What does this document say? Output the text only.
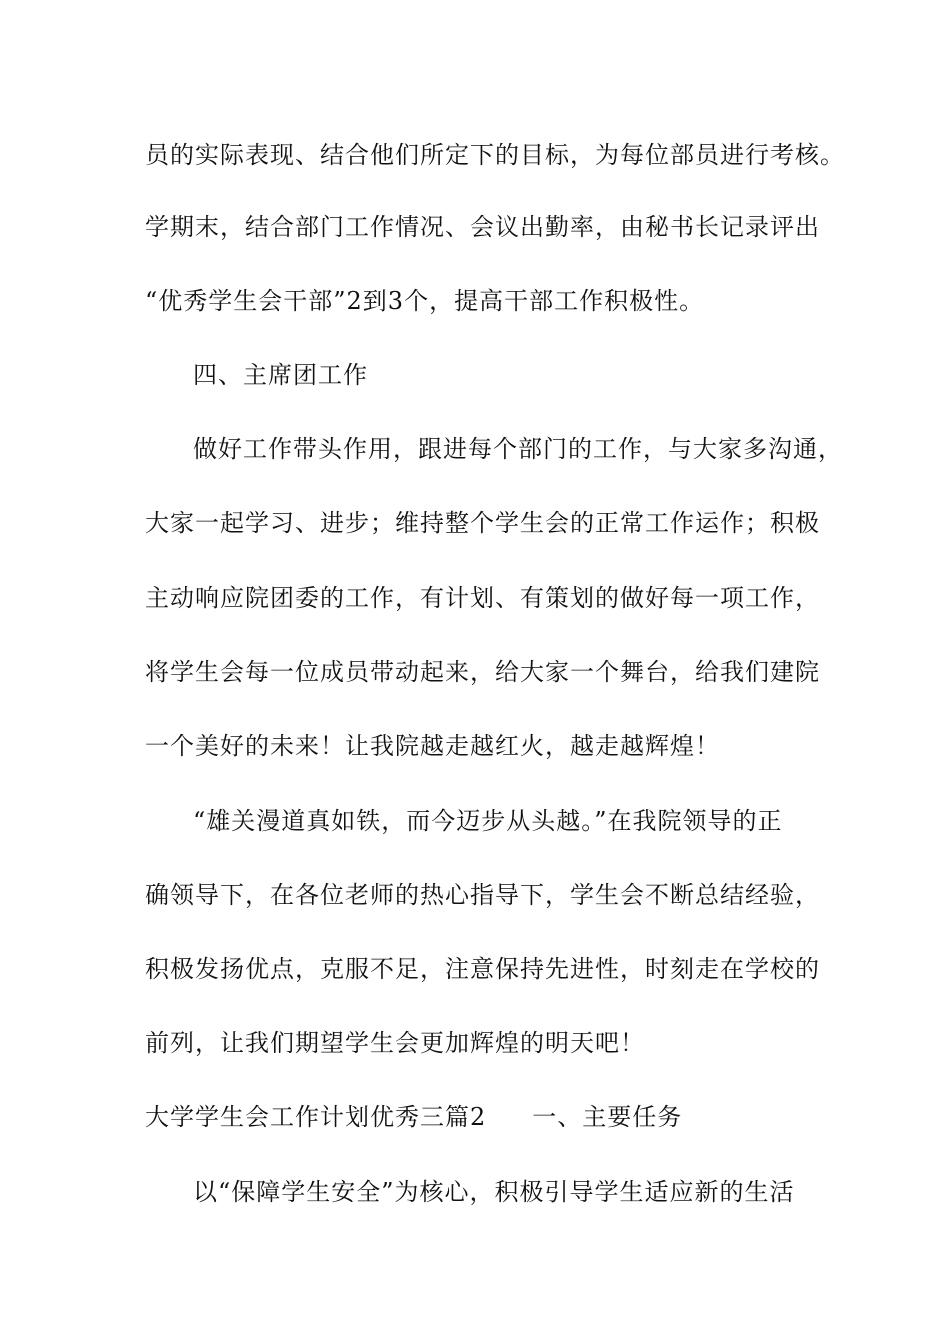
员的实际表现、结合他们所定下的目标，为每位部员进行考核。
学期末，结合部门工作情况、会议出勤率，由秘书长记录评出
“优秀学生会干部”2到3个，提高干部工作积极性。
四、主席团工作
做好工作带头作用，跟进每个部门的工作，与大家多沟通，
大家一起学习、进步；维持整个学生会的正常工作运作；积极
主动响应院团委的工作，有计划、有策划的做好每一项工作，
将学生会每一位成员带动起来，给大家一个舞台，给我们建院
一个美好的未来！让我院越走越红火，越走越辉煌！
“雄关漫道真如铁，而今迈步从头越。”在我院领导的正
确领导下，在各位老师的热心指导下，学生会不断总结经验，
积极发扬优点，克服不足，注意保持先进性，时刻走在学校的
前列，让我们期望学生会更加辉煌的明天吧！
大学学生会工作计划优秀三篇2 一、主要任务
以“保障学生安全”为核心，积极引导学生适应新的生活
